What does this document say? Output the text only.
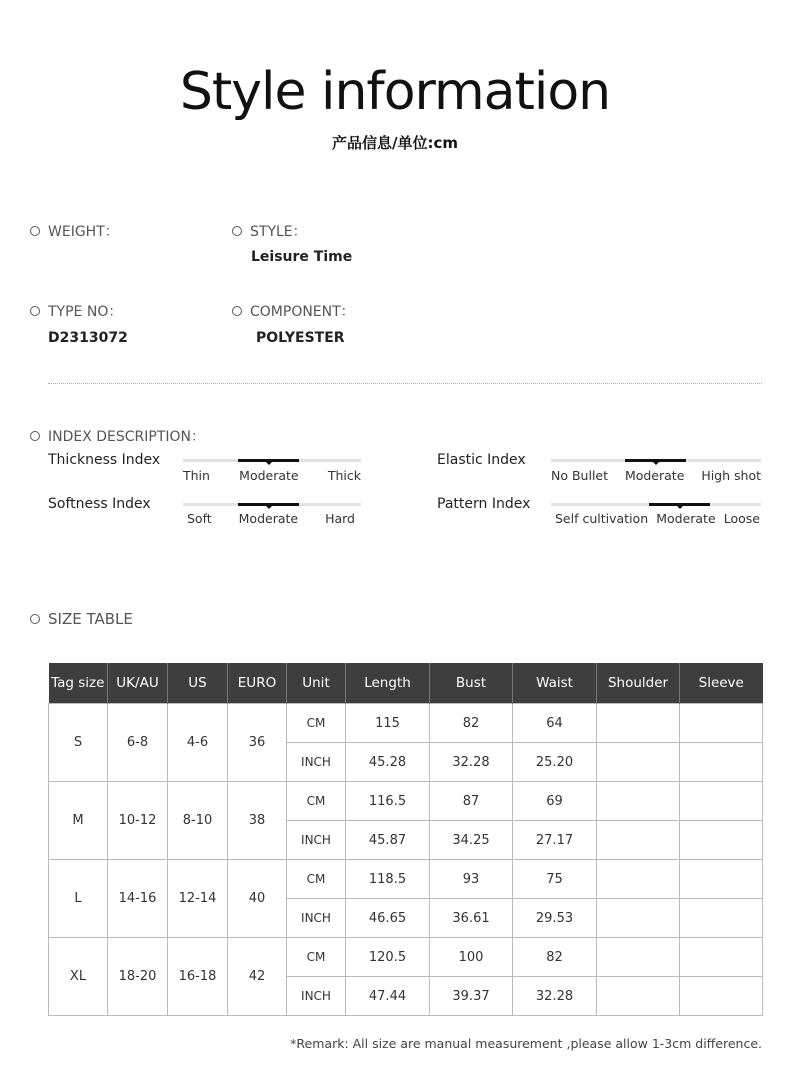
Style information
产品信息/单位:cm
WEIGHT：	STYLE：
Leisure Time
TYPE NO：
D2313072
COMPONENT：
POLYESTER
INDEX DESCRIPTION：
Thickness Index
Thin Moderate Thick
Elastic Index
No Bullet Moderate High shot
Softness Index
Soft Moderate Hard
Pattern Index
Self cultivation Moderate Loose
SIZE TABLE
Tag size	UK/AU	US	EURO	Unit	Length	Bust	Waist	Shoulder	Sleeve
S	6-8	4-6	36	CM	115	82	64		
				INCH	45.28	32.28	25.20		
M	10-12	8-10	38	CM	116.5	87	69		
				INCH	45.87	34.25	27.17		
L	14-16	12-14	40	CM	118.5	93	75		
				INCH	46.65	36.61	29.53		
XL	18-20	16-18	42	CM	120.5	100	82		
				INCH	47.44	39.37	32.28		
*Remark: All size are manual measurement ,please allow 1-3cm difference.
